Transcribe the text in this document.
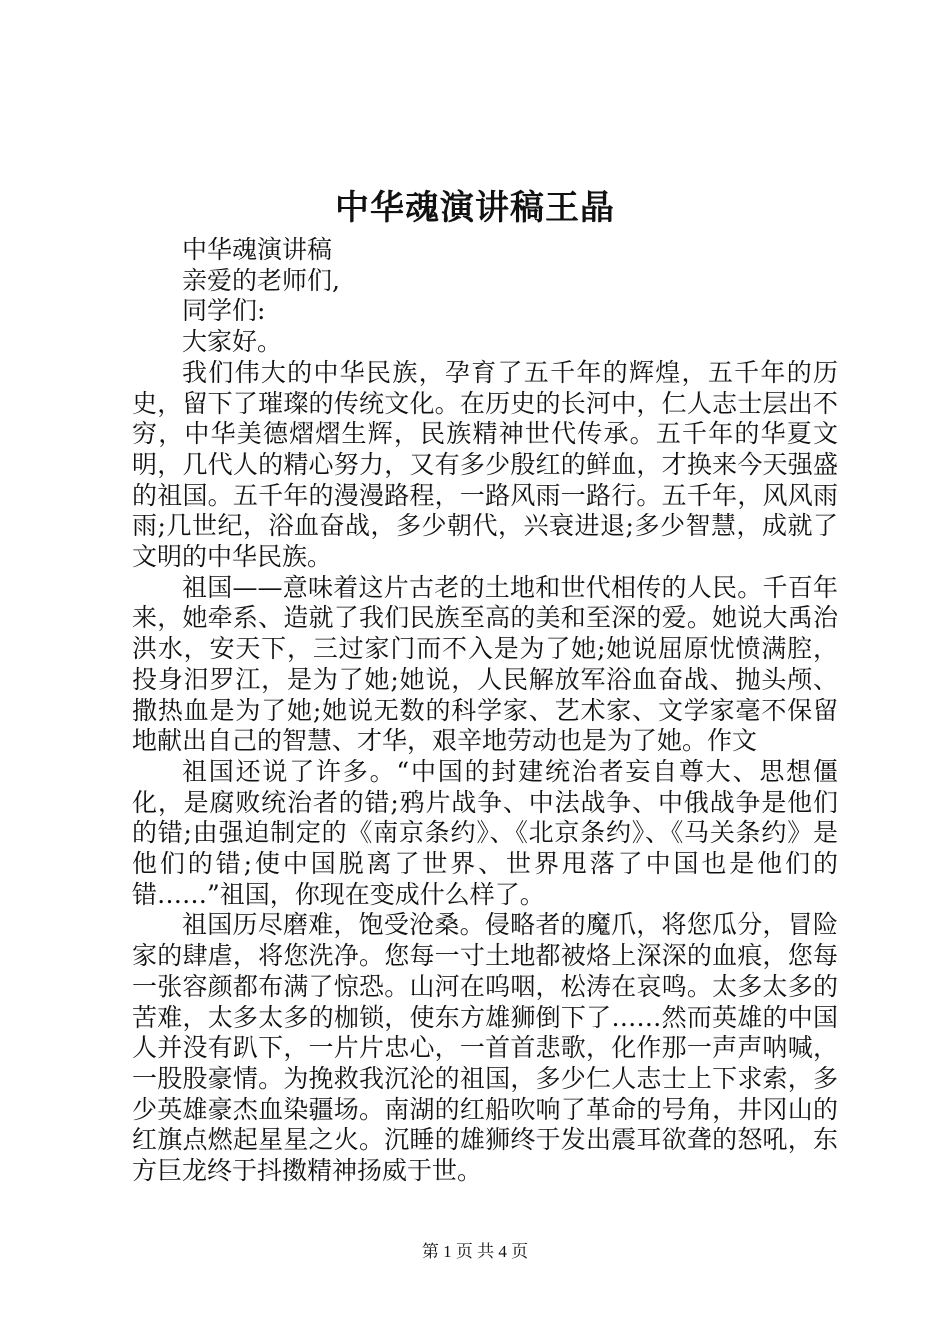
中华魂演讲稿王晶

中华魂演讲稿

亲爱的老师们,

同学们:

大家好。

我们伟大的中华民族，孕育了五千年的辉煌，五千年的历史，留下了璀璨的传统文化。在历史的长河中，仁人志士层出不穷，中华美德熠熠生辉，民族精神世代传承。五千年的华夏文明，几代人的精心努力，又有多少殷红的鲜血，才换来今天强盛的祖国。五千年的漫漫路程，一路风雨一路行。五千年，风风雨雨;几世纪，浴血奋战，多少朝代，兴衰进退;多少智慧，成就了文明的中华民族。

祖国——意味着这片古老的土地和世代相传的人民。千百年来，她牵系、造就了我们民族至高的美和至深的爱。她说大禹治洪水，安天下，三过家门而不入是为了她;她说屈原忧愤满腔，投身汨罗江，是为了她;她说，人民解放军浴血奋战、抛头颅、撒热血是为了她;她说无数的科学家、艺术家、文学家毫不保留地献出自己的智慧、才华，艰辛地劳动也是为了她。作文

祖国还说了许多。“中国的封建统治者妄自尊大、思想僵化，是腐败统治者的错;鸦片战争、中法战争、中俄战争是他们的错;由强迫制定的《南京条约》、《北京条约》、《马关条约》是他们的错;使中国脱离了世界、世界甩落了中国也是他们的错……”祖国，你现在变成什么样了。

祖国历尽磨难，饱受沧桑。侵略者的魔爪，将您瓜分，冒险家的肆虐，将您洗净。您每一寸土地都被烙上深深的血痕，您每一张容颜都布满了惊恐。山河在呜咽，松涛在哀鸣。太多太多的苦难，太多太多的枷锁，使东方雄狮倒下了……然而英雄的中国人并没有趴下，一片片忠心，一首首悲歌，化作那一声声呐喊，一股股豪情。为挽救我沉沦的祖国，多少仁人志士上下求索，多少英雄豪杰血染疆场。南湖的红船吹响了革命的号角，井冈山的红旗点燃起星星之火。沉睡的雄狮终于发出震耳欲聋的怒吼，东方巨龙终于抖擞精神扬威于世。

第 1 页 共 4 页
